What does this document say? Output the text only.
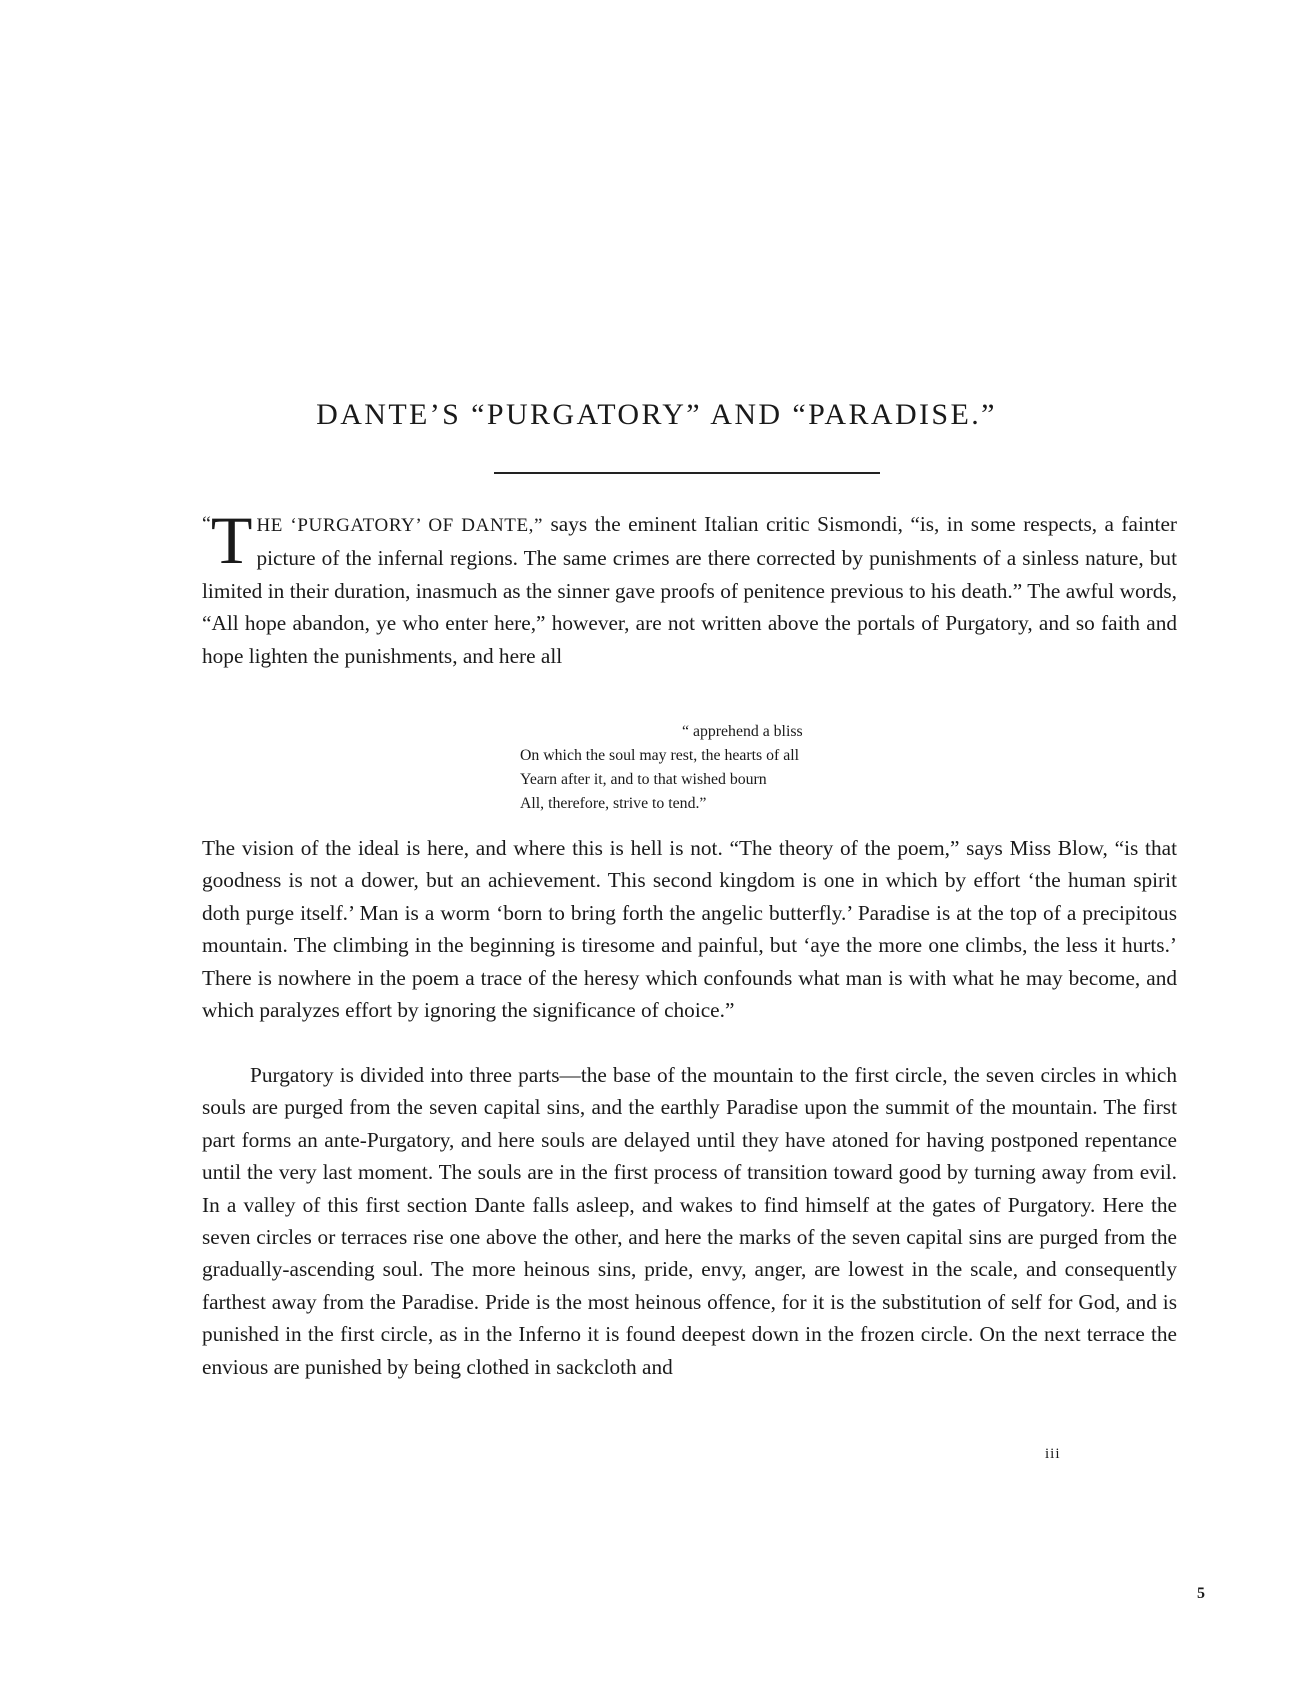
DANTE’S “PURGATORY” AND “PARADISE.”

“T HE ‘PURGATORY’ OF DANTE,” says the eminent Italian critic Sismondi, “is, in some respects, a fainter picture of the infernal regions. The same crimes are there corrected by punishments of a sinless nature, but limited in their duration, inasmuch as the sinner gave proofs of penitence previous to his death.” The awful words, “All hope abandon, ye who enter here,” however, are not written above the portals of Purgatory, and so faith and hope lighten the punishments, and here all

“ apprehend a bliss
On which the soul may rest, the hearts of all
Yearn after it, and to that wished bourn
All, therefore, strive to tend.”

The vision of the ideal is here, and where this is hell is not. “The theory of the poem,” says Miss Blow, “is that goodness is not a dower, but an achievement. This second kingdom is one in which by effort ‘the human spirit doth purge itself.’ Man is a worm ‘born to bring forth the angelic butterfly.’ Paradise is at the top of a precipitous mountain. The climbing in the beginning is tiresome and painful, but ‘aye the more one climbs, the less it hurts.’ There is nowhere in the poem a trace of the heresy which confounds what man is with what he may become, and which paralyzes effort by ignoring the significance of choice.”

Purgatory is divided into three parts—the base of the mountain to the first circle, the seven circles in which souls are purged from the seven capital sins, and the earthly Paradise upon the summit of the mountain. The first part forms an ante-Purgatory, and here souls are delayed until they have atoned for having postponed repentance until the very last moment. The souls are in the first process of transition toward good by turning away from evil. In a valley of this first section Dante falls asleep, and wakes to find himself at the gates of Purgatory. Here the seven circles or terraces rise one above the other, and here the marks of the seven capital sins are purged from the gradually-ascending soul. The more heinous sins, pride, envy, anger, are lowest in the scale, and consequently farthest away from the Paradise. Pride is the most heinous offence, for it is the substitution of self for God, and is punished in the first circle, as in the Inferno it is found deepest down in the frozen circle. On the next terrace the envious are punished by being clothed in sackcloth and

iii
5
